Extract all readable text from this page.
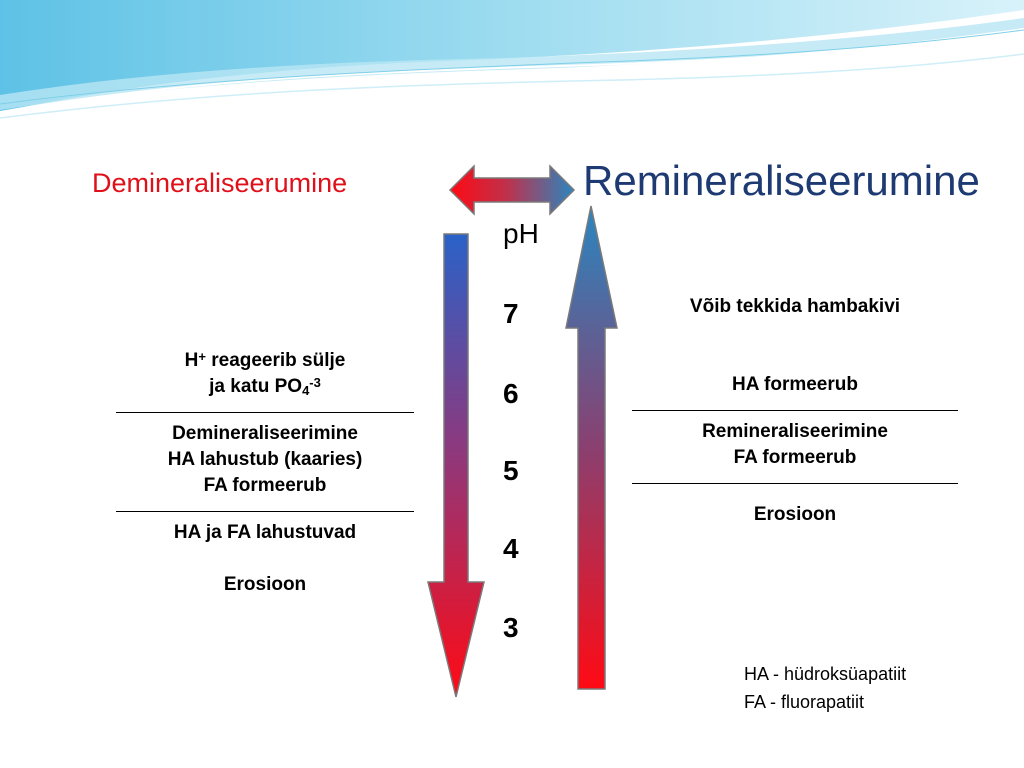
Demineraliseerumine	Remineraliseerumine
pH
7
6
5
4
3
H+ reageerib sülje
ja katu $PO_4^{-3}$
Demineraliseerimine
HA lahustub (kaaries)
FA formeerub
HA ja FA lahustuvad
Erosioon
Võib tekkida hambakivi
HA formeerub
Remineraliseerimine
FA formeerub
Erosioon
HA - hüdroksüapatiit
FA - fluorapatiit
